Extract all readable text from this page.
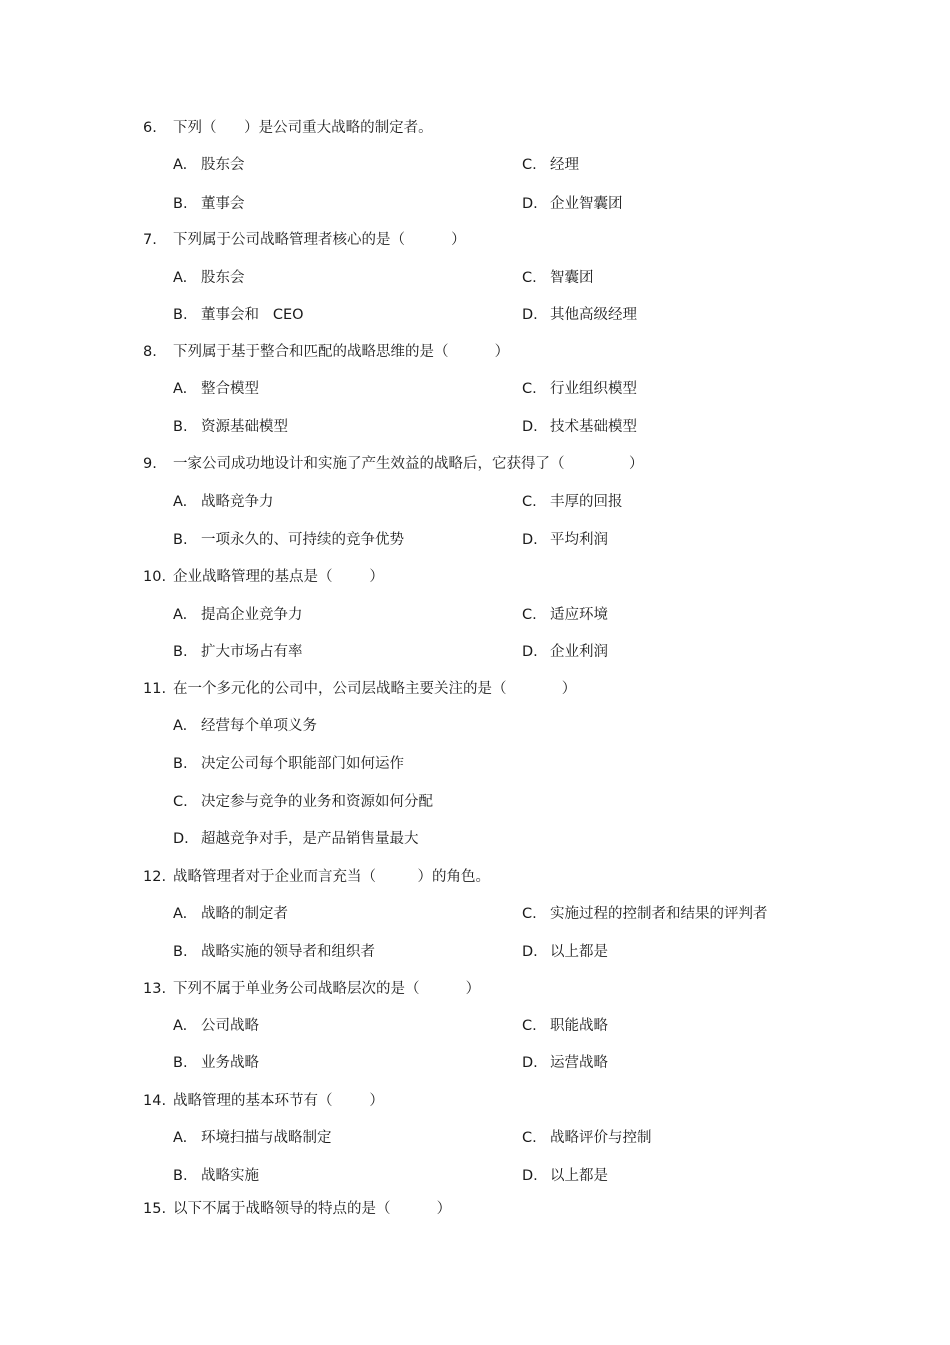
6. 下列（      ）是公司重大战略的制定者。
A. 股东会	C. 经理
B. 董事会	D. 企业智囊团
7. 下列属于公司战略管理者核心的是（          ）
A. 股东会	C. 智囊团
B. 董事会和   CEO	D. 其他高级经理
8. 下列属于基于整合和匹配的战略思维的是（          ）
A. 整合模型	C. 行业组织模型
B. 资源基础模型	D. 技术基础模型
9. 一家公司成功地设计和实施了产生效益的战略后，它获得了（              ）
A. 战略竞争力	C. 丰厚的回报
B. 一项永久的、可持续的竞争优势	D. 平均利润
10. 企业战略管理的基点是（        ）
A. 提高企业竞争力	C. 适应环境
B. 扩大市场占有率	D. 企业利润
11. 在一个多元化的公司中，公司层战略主要关注的是（            ）
A. 经营每个单项义务
B. 决定公司每个职能部门如何运作
C. 决定参与竞争的业务和资源如何分配
D. 超越竞争对手，是产品销售量最大
12. 战略管理者对于企业而言充当（         ）的角色。
A. 战略的制定者	C. 实施过程的控制者和结果的评判者
B. 战略实施的领导者和组织者	D. 以上都是
13. 下列不属于单业务公司战略层次的是（          ）
A. 公司战略	C. 职能战略
B. 业务战略	D. 运营战略
14. 战略管理的基本环节有（        ）
A. 环境扫描与战略制定	C. 战略评价与控制
B. 战略实施	D. 以上都是
15. 以下不属于战略领导的特点的是（          ）
